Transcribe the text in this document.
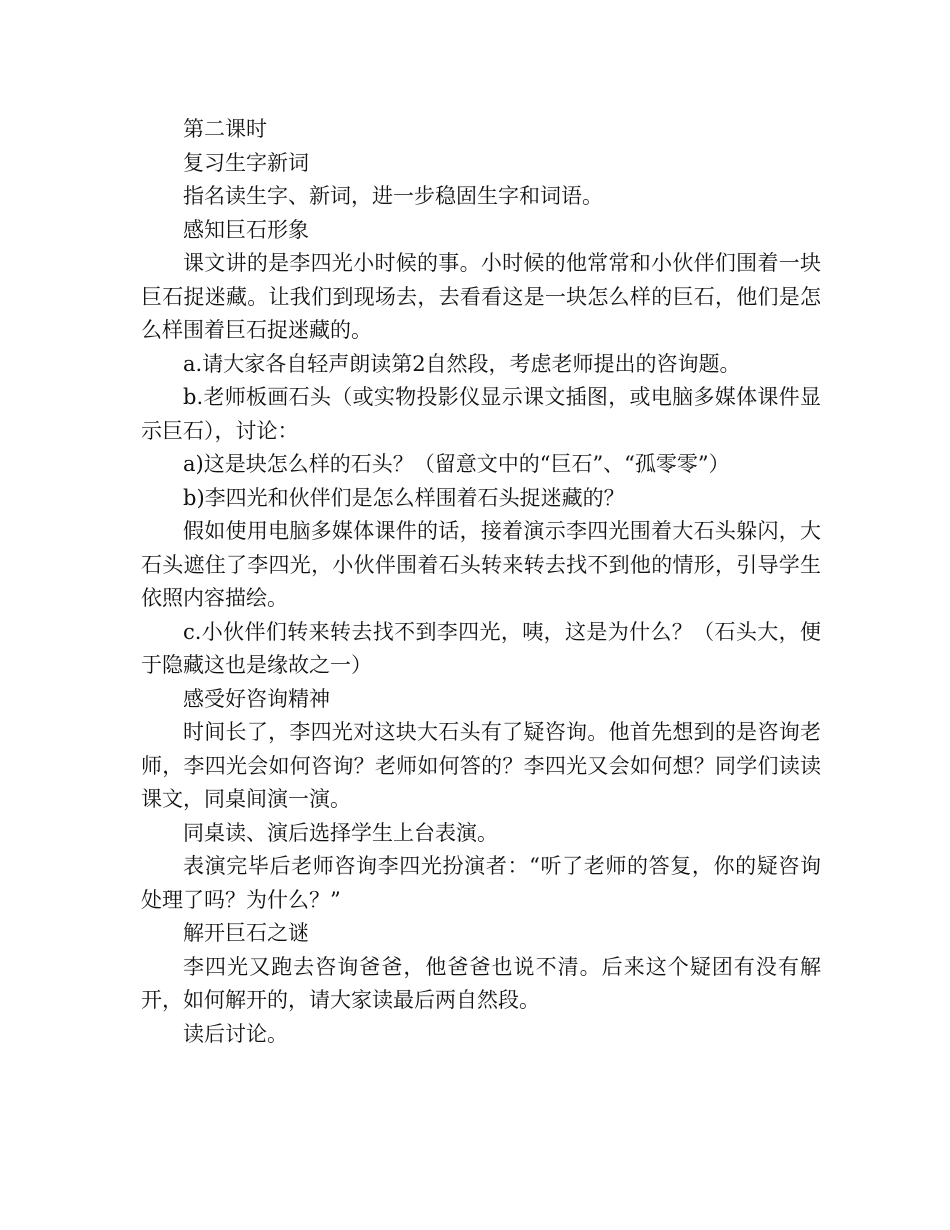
第二课时

复习生字新词

指名读生字、新词，进一步稳固生字和词语。

感知巨石形象

课文讲的是李四光小时候的事。小时候的他常常和小伙伴们围着一块巨石捉迷藏。让我们到现场去，去看看这是一块怎么样的巨石，他们是怎么样围着巨石捉迷藏的。

a.请大家各自轻声朗读第2自然段，考虑老师提出的咨询题。

b.老师板画石头（或实物投影仪显示课文插图，或电脑多媒体课件显示巨石），讨论：

a)这是块怎么样的石头？（留意文中的“巨石”、“孤零零”）

b)李四光和伙伴们是怎么样围着石头捉迷藏的？

假如使用电脑多媒体课件的话，接着演示李四光围着大石头躲闪，大石头遮住了李四光，小伙伴围着石头转来转去找不到他的情形，引导学生依照内容描绘。

c.小伙伴们转来转去找不到李四光，咦，这是为什么？（石头大，便于隐藏这也是缘故之一）

感受好咨询精神

时间长了，李四光对这块大石头有了疑咨询。他首先想到的是咨询老师，李四光会如何咨询？老师如何答的？李四光又会如何想？同学们读读课文，同桌间演一演。

同桌读、演后选择学生上台表演。

表演完毕后老师咨询李四光扮演者：“听了老师的答复，你的疑咨询处理了吗？为什么？”

解开巨石之谜

李四光又跑去咨询爸爸，他爸爸也说不清。后来这个疑团有没有解开，如何解开的，请大家读最后两自然段。

读后讨论。
